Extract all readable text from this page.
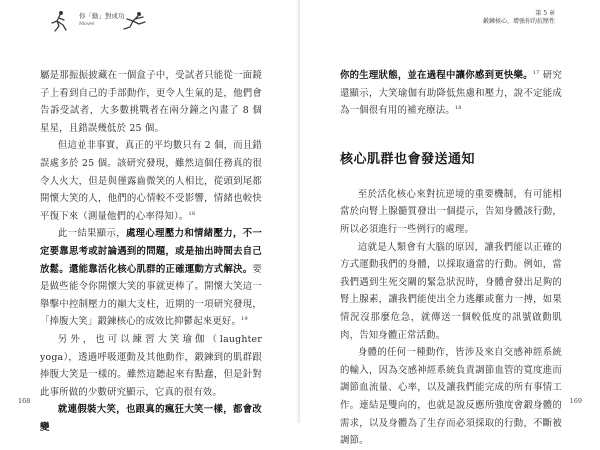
你「動」對成功
Move!

屬是那振振披藏在一個盒子中，受試者只能從一面鏡子上看到自己的手部動作，更令人生氣的是，他們會告訴受試者，大多數挑戰者在兩分鐘之內畫了 8 個星星，且錯誤幾低於 25 個。

但這並非事實，真正的平均數只有 2 個，而且錯誤處多於 25 個。該研究發現，雖然這個任務真的很令人火大，但是與僅露齒微笑的人相比，從頭到尾都開懷大笑的人，他們的心情較不受影響，情緒也較快平復下來（測量他們的心率得知）。$^{18}$

此一結果顯示，處理心理壓力和情緒壓力，不一定要靠思考或討論遇到的問題，或是抽出時間去自己放鬆。還能靠活化核心肌群的正確運動方式解決。要是做些能令你開懷大笑的事就更棒了。開懷大笑這一舉擊中控制壓力的巔大支柱，近期的一項研究發現，「捧腹大笑」鍛鍊核心的成效比抑鬱起來更好。$^{19}$

另外，也可以練習大笑瑜伽（laughter yoga），透過呼吸運動及其他動作，鍛鍊到的肌群跟捧腹大笑是一樣的。雖然這聽起來有點蠢，但是針對此事所做的少數研究顯示，它真的很有效。

就連假裝大笑，也跟真的瘋狂大笑一樣，都會改變

168
第 5 章
鍛鍊核心，增強你的抗壓性

你的生理狀態，並在過程中讓你感到更快樂。$^{17}$ 研究還顯示，大笑瑜伽有助降低焦慮和壓力，說不定能成為一個很有用的補充療法。$^{18}$

核心肌群也會發送通知

至於活化核心來對抗逆境的重要機制，有可能相當於向腎上腺髓質發出一個提示，告知身體該行動，所以必須進行一些例行的處理。

這就是人類會有大腦的原因，讓我們能以正確的方式運動我們的身體，以採取適當的行動。例如，當我們遇到生死交關的緊急狀況時，身體會發出足夠的腎上腺素，讓我們能使出全力逃離或奮力一搏，如果情況沒那麼危急，就傳送一個較低度的訊號啟動肌肉，告知身體正常活動。

身體的任何一種動作，皆涉及來自交感神經系統的輸入，因為交感神經系統負責調節血管的寬度進而調節血流量、心率，以及讓我們能完成的所有事情工作。連結是雙向的，也就是說反應所強度會鍛身體的需求，以及身體為了生存而必須採取的行動，不斷被調節。

169
